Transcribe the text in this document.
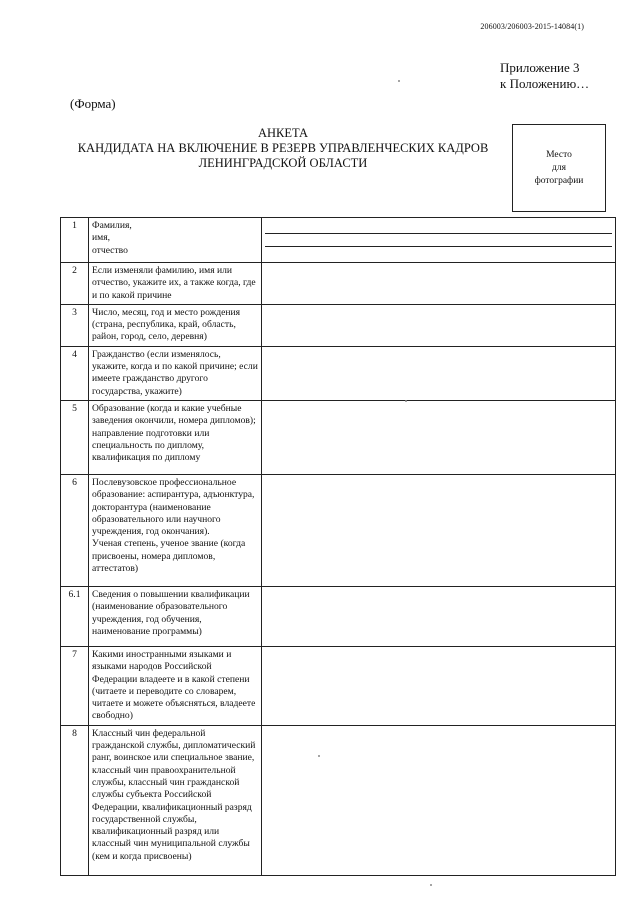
206003/206003-2015-14084(1)
Приложение 3
к Положению…
(Форма)
АНКЕТА
КАНДИДАТА НА ВКЛЮЧЕНИЕ В РЕЗЕРВ УПРАВЛЕНЧЕСКИХ КАДРОВ
ЛЕНИНГРАДСКОЙ ОБЛАСТИ
Место
для
фотографии
1	Фамилия,
имя,
отчество	

2	Если изменяли фамилию, имя или отчество, укажите их, а также когда, где и по какой причине	
3	Число, месяц, год и место рождения (страна, республика, край, область, район, город, село, деревня)	
4	Гражданство (если изменялось, укажите, когда и по какой причине; если имеете гражданство другого государства, укажите)	
5	Образование (когда и какие учебные заведения окончили, номера дипломов);
направление подготовки или специальность по диплому, квалификация по диплому	

6	Послевузовское профессиональное образование: аспирантура, адъюнктура, докторантура (наименование образовательного или научного учреждения, год окончания).
Ученая степень, ученое звание (когда присвоены, номера дипломов, аттестатов)	

6.1	Сведения о повышении квалификации (наименование образовательного учреждения, год обучения, наименование программы)	
7	Какими иностранными языками и языками народов Российской Федерации владеете и в какой степени (читаете и переводите со словарем, читаете и можете объясняться, владеете свободно)	
8	Классный чин федеральной гражданской службы, дипломатический ранг, воинское или специальное звание, классный чин правоохранительной службы, классный чин гражданской службы субъекта Российской Федерации, квалификационный разряд государственной службы, квалификационный разряд или классный чин муниципальной службы (кем и когда присвоены)	
